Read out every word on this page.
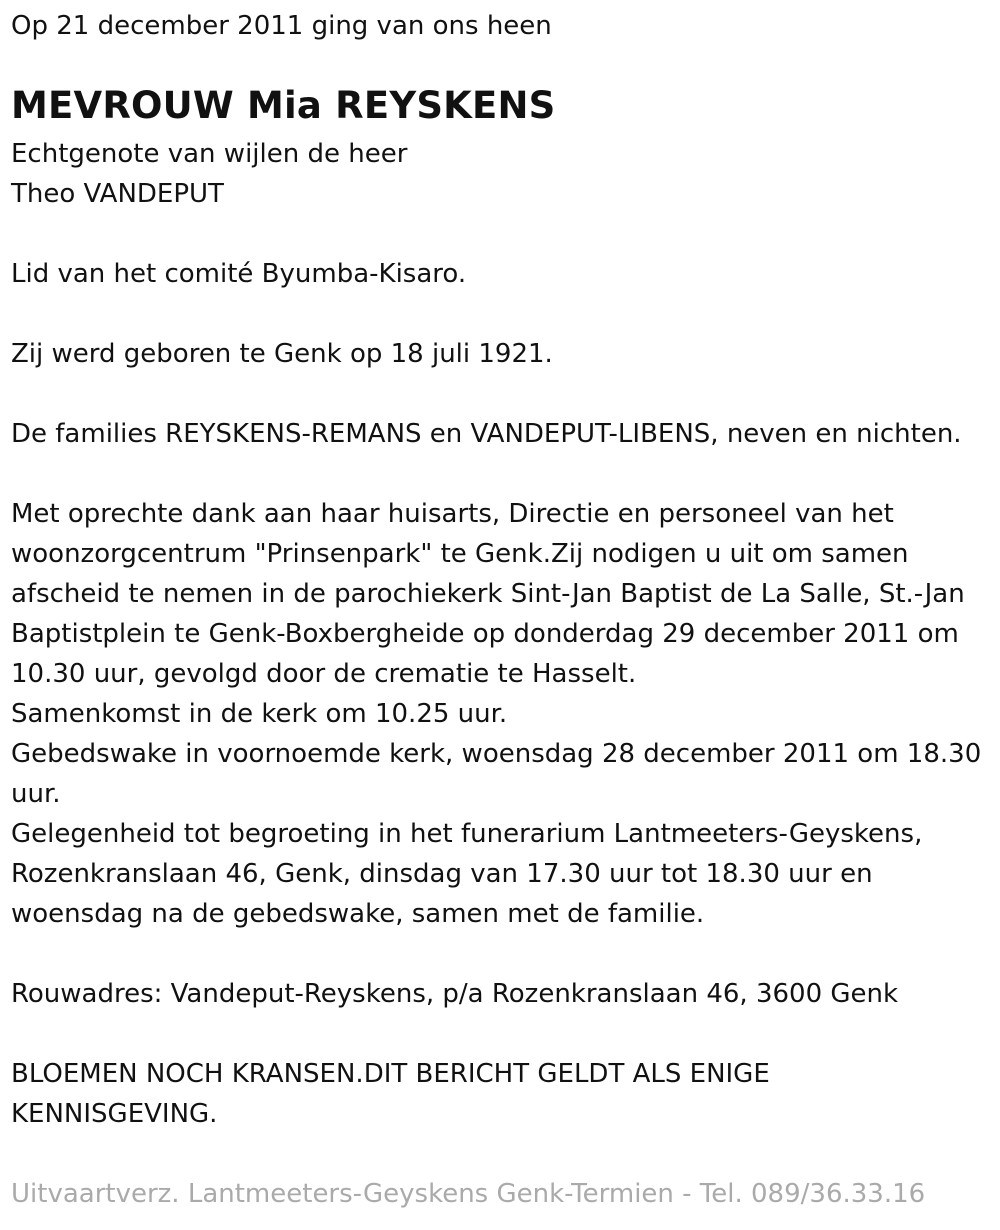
Op 21 december 2011 ging van ons heen
MEVROUW Mia REYSKENS
Echtgenote van wijlen de heer
Theo VANDEPUT
Lid van het comité Byumba-Kisaro.
Zij werd geboren te Genk op 18 juli 1921.
De families REYSKENS-REMANS en VANDEPUT-LIBENS, neven en nichten.
Met oprechte dank aan haar huisarts, Directie en personeel van het
woonzorgcentrum "Prinsenpark" te Genk.Zij nodigen u uit om samen
afscheid te nemen in de parochiekerk Sint-Jan Baptist de La Salle, St.-Jan
Baptistplein te Genk-Boxbergheide op donderdag 29 december 2011 om
10.30 uur, gevolgd door de crematie te Hasselt.
Samenkomst in de kerk om 10.25 uur.
Gebedswake in voornoemde kerk, woensdag 28 december 2011 om 18.30
uur.
Gelegenheid tot begroeting in het funerarium Lantmeeters-Geyskens,
Rozenkranslaan 46, Genk, dinsdag van 17.30 uur tot 18.30 uur en
woensdag na de gebedswake, samen met de familie.
Rouwadres: Vandeput-Reyskens, p/a Rozenkranslaan 46, 3600 Genk
BLOEMEN NOCH KRANSEN.DIT BERICHT GELDT ALS ENIGE
KENNISGEVING.
Uitvaartverz. Lantmeeters-Geyskens Genk-Termien - Tel. 089/36.33.16
